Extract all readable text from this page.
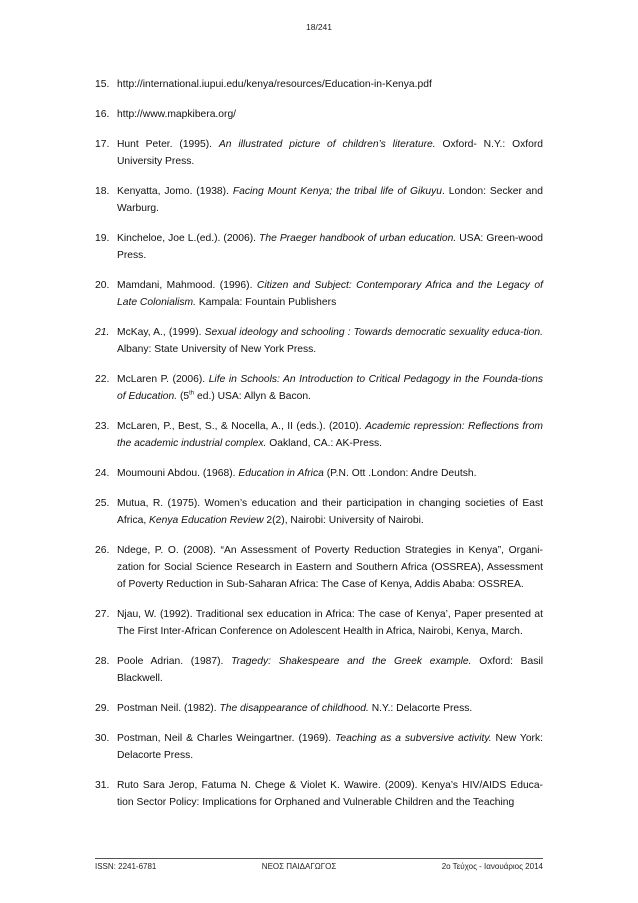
18/241
15. http://international.iupui.edu/kenya/resources/Education-in-Kenya.pdf
16. http://www.mapkibera.org/
17. Hunt Peter. (1995). An illustrated picture of children’s literature. Oxford- N.Y.: Oxford University Press.
18. Kenyatta, Jomo. (1938). Facing Mount Kenya; the tribal life of Gikuyu. London: Secker and Warburg.
19. Kincheloe, Joe L.(ed.). (2006). The Praeger handbook of urban education. USA: Green-wood Press.
20. Mamdani, Mahmood. (1996). Citizen and Subject: Contemporary Africa and the Legacy of Late Colonialism. Kampala: Fountain Publishers
21. McKay, A., (1999). Sexual ideology and schooling : Towards democratic sexuality educa-tion. Albany: State University of New York Press.
22. McLaren P. (2006). Life in Schools: An Introduction to Critical Pedagogy in the Founda-tions of Education. (5th ed.) USA: Allyn & Bacon.
23. McLaren, P., Best, S., & Nocella, A., II (eds.). (2010). Academic repression: Reflections from the academic industrial complex. Oakland, CA.: AK-Press.
24. Moumouni Abdou. (1968). Education in Africa (P.N. Ott .London: Andre Deutsh.
25. Mutua, R. (1975). Women’s education and their participation in changing societies of East Africa, Kenya Education Review 2(2), Nairobi: University of Nairobi.
26. Ndege, P. O. (2008). “An Assessment of Poverty Reduction Strategies in Kenya”, Organi-zation for Social Science Research in Eastern and Southern Africa (OSSREA), Assessment of Poverty Reduction in Sub-Saharan Africa: The Case of Kenya, Addis Ababa: OSSREA.
27. Njau, W. (1992). Traditional sex education in Africa: The case of Kenya’, Paper presented at The First Inter-African Conference on Adolescent Health in Africa, Nairobi, Kenya, March.
28. Poole Adrian. (1987). Tragedy: Shakespeare and the Greek example. Oxford: Basil Blackwell.
29. Postman Neil. (1982). The disappearance of childhood. N.Y.: Delacorte Press.
30. Postman, Neil & Charles Weingartner. (1969). Teaching as a subversive activity. New York: Delacorte Press.
31. Ruto Sara Jerop, Fatuma N. Chege & Violet K. Wawire. (2009). Kenya’s HIV/AIDS Educa-tion Sector Policy: Implications for Orphaned and Vulnerable Children and the Teaching
ISSN: 2241-6781	ΝΕΟΣ ΠΑΙΔΑΓΩΓΟΣ	2ο Τεύχος - Ιανουάριος 2014
